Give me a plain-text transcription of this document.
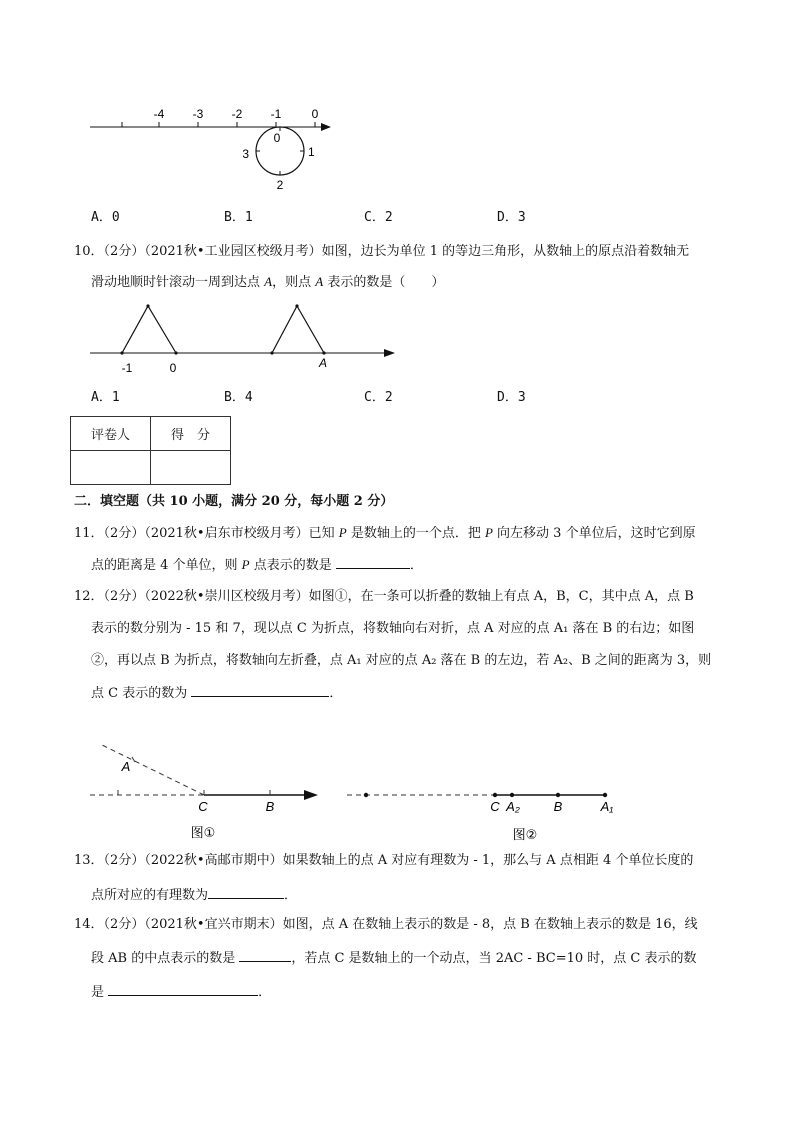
-4 -3 -2 -1	0
0
1
2
3
A．0	B．1	C．2	D．3
10．（2分）（2021秋•工业园区校级月考）如图，边长为单位 1 的等边三角形，从数轴上的原点沿着数轴无
滑动地顺时针滚动一周到达点 A，则点 A 表示的数是（　　）
-1	0	A
A．1	B．4	C．2	D．3
评卷人	得　分

二．填空题（共 10 小题，满分 20 分，每小题 2 分）
11．（2分）（2021秋•启东市校级月考）已知 P 是数轴上的一个点．把 P 向左移动 3 个单位后，这时它到原
点的距离是 4 个单位，则 P 点表示的数是	．
12．（2分）（2022秋•崇川区校级月考）如图①，在一条可以折叠的数轴上有点 A，B，C，其中点 A，点 B
表示的数分别为 - 15 和 7，现以点 C 为折点，将数轴向右对折，点 A 对应的点 A₁ 落在 B 的右边；如图
②，再以点 B 为折点，将数轴向左折叠，点 A₁ 对应的点 A₂ 落在 B 的左边，若 A₂、B 之间的距离为 3，则
点 C 表示的数为	．
A
C	B
图①
C A₂	B	A₁
图②
13．（2分）（2022秋•高邮市期中）如果数轴上的点 A 对应有理数为 - 1，那么与 A 点相距 4 个单位长度的
点所对应的有理数为	．
14．（2分）（2021秋•宜兴市期末）如图，点 A 在数轴上表示的数是 - 8，点 B 在数轴上表示的数是 16，线
段 AB 的中点表示的数是	，若点 C 是数轴上的一个动点，当 2AC - BC=10 时，点 C 表示的数
是	．
